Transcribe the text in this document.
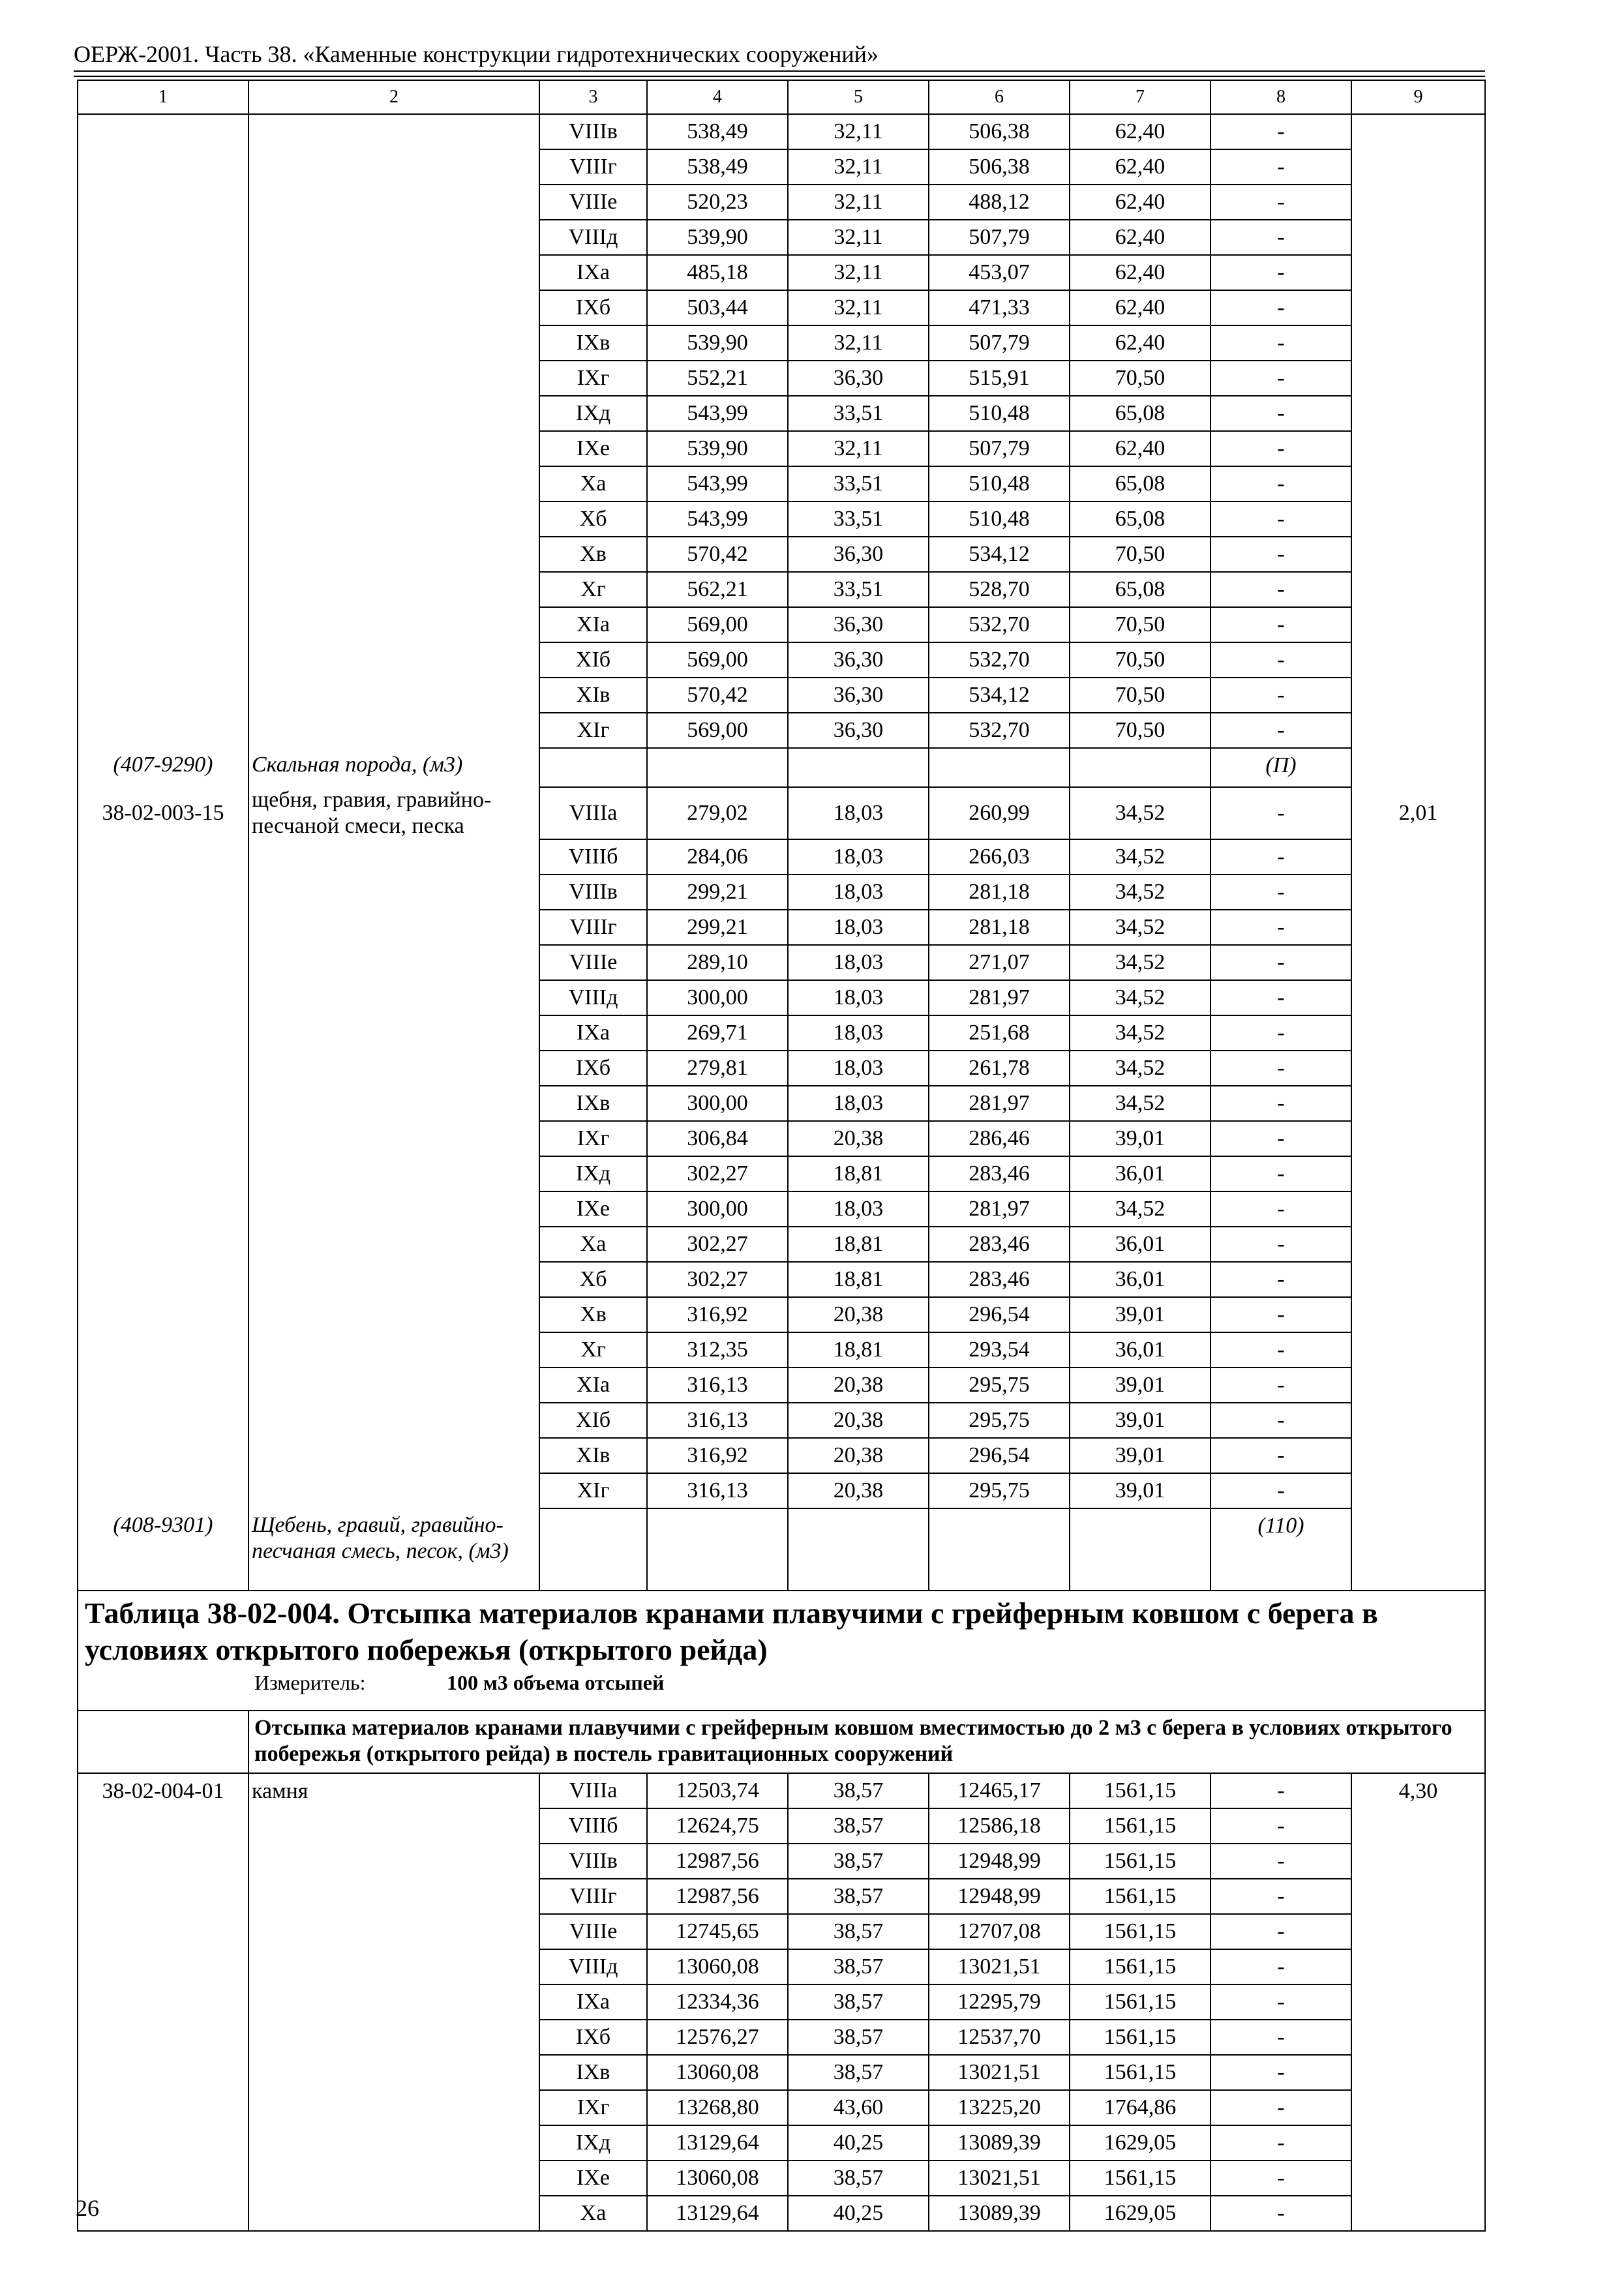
ОЕРЖ-2001. Часть 38. «Каменные конструкции гидротехнических сооружений»
1	2	3	4	5	6	7	8	9
		VIIIв	538,49	32,11	506,38	62,40	-	
		VIIIг	538,49	32,11	506,38	62,40	-	
		VIIIе	520,23	32,11	488,12	62,40	-	
		VIIIд	539,90	32,11	507,79	62,40	-	
		IXа	485,18	32,11	453,07	62,40	-	
		IXб	503,44	32,11	471,33	62,40	-	
		IXв	539,90	32,11	507,79	62,40	-	
		IXг	552,21	36,30	515,91	70,50	-	
		IXд	543,99	33,51	510,48	65,08	-	
		IXе	539,90	32,11	507,79	62,40	-	
		Xа	543,99	33,51	510,48	65,08	-	
		Xб	543,99	33,51	510,48	65,08	-	
		Xв	570,42	36,30	534,12	70,50	-	
		Xг	562,21	33,51	528,70	65,08	-	
		XIа	569,00	36,30	532,70	70,50	-	
		XIб	569,00	36,30	532,70	70,50	-	
		XIв	570,42	36,30	534,12	70,50	-	
		XIг	569,00	36,30	532,70	70,50	-	
(407-9290)	Скальная порода, (м3)						(П)	
38-02-003-15	щебня, гравия, гравийно-песчаной смеси, песка	VIIIа	279,02	18,03	260,99	34,52	-	2,01
		VIIIб	284,06	18,03	266,03	34,52	-	
		VIIIв	299,21	18,03	281,18	34,52	-	
		VIIIг	299,21	18,03	281,18	34,52	-	
		VIIIе	289,10	18,03	271,07	34,52	-	
		VIIIд	300,00	18,03	281,97	34,52	-	
		IXа	269,71	18,03	251,68	34,52	-	
		IXб	279,81	18,03	261,78	34,52	-	
		IXв	300,00	18,03	281,97	34,52	-	
		IXг	306,84	20,38	286,46	39,01	-	
		IXд	302,27	18,81	283,46	36,01	-	
		IXе	300,00	18,03	281,97	34,52	-	
		Xа	302,27	18,81	283,46	36,01	-	
		Xб	302,27	18,81	283,46	36,01	-	
		Xв	316,92	20,38	296,54	39,01	-	
		Xг	312,35	18,81	293,54	36,01	-	
		XIа	316,13	20,38	295,75	39,01	-	
		XIб	316,13	20,38	295,75	39,01	-	
		XIв	316,92	20,38	296,54	39,01	-	
		XIг	316,13	20,38	295,75	39,01	-	
(408-9301)	Щебень, гравий, гравийно-песчаная смесь, песок, (м3)						(110)	

Таблица 38-02-004. Отсыпка материалов кранами плавучими с грейферным ковшом с берега в условиях открытого побережья (открытого рейда)
Измеритель: 100 м3 объема отсыпей								

	Отсыпка материалов кранами плавучими с грейферным ковшом вместимостью до 2 м3 с берега в условиях открытого побережья (открытого рейда) в постель гравитационных сооружений							
38-02-004-01	камня	VIIIа	12503,74	38,57	12465,17	1561,15	-	4,30
		VIIIб	12624,75	38,57	12586,18	1561,15	-	
		VIIIв	12987,56	38,57	12948,99	1561,15	-	
		VIIIг	12987,56	38,57	12948,99	1561,15	-	
		VIIIе	12745,65	38,57	12707,08	1561,15	-	
		VIIIд	13060,08	38,57	13021,51	1561,15	-	
		IXа	12334,36	38,57	12295,79	1561,15	-	
		IXб	12576,27	38,57	12537,70	1561,15	-	
		IXв	13060,08	38,57	13021,51	1561,15	-	
		IXг	13268,80	43,60	13225,20	1764,86	-	
		IXд	13129,64	40,25	13089,39	1629,05	-	
		IXе	13060,08	38,57	13021,51	1561,15	-	
		Xа	13129,64	40,25	13089,39	1629,05	-	
26
